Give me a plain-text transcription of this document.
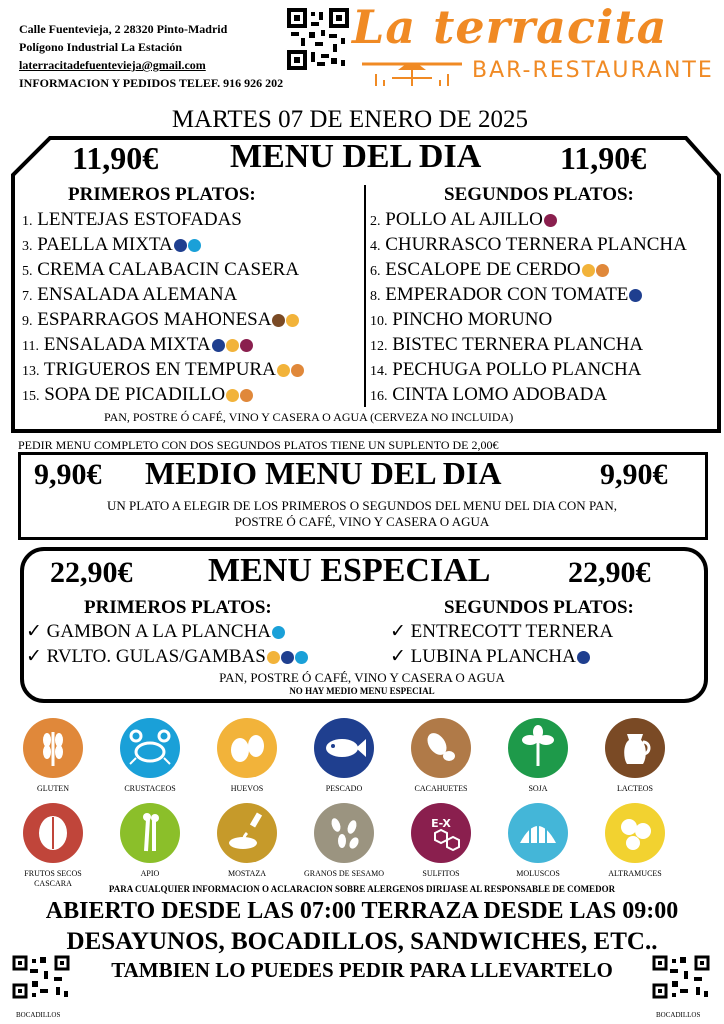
Calle Fuentevieja, 2 28320 Pinto-Madrid
Polígono Industrial La Estación
laterracitadefuentevieja@gmail.com
INFORMACION Y PEDIDOS TELEF. 916 926 202
La terracita
BAR-RESTAURANTE
MARTES 07 DE ENERO DE 2025
11,90€ MENU DEL DIA 11,90€
PRIMEROS PLATOS:	SEGUNDOS PLATOS:
1. LENTEJAS ESTOFADAS
3. PAELLA MIXTA
5. CREMA CALABACIN CASERA
7. ENSALADA ALEMANA
9. ESPARRAGOS MAHONESA
11. ENSALADA MIXTA
13. TRIGUEROS EN TEMPURA
15. SOPA DE PICADILLO
2. POLLO AL AJILLO
4. CHURRASCO TERNERA PLANCHA
6. ESCALOPE DE CERDO
8. EMPERADOR CON TOMATE
10. PINCHO MORUNO
12. BISTEC TERNERA PLANCHA
14. PECHUGA POLLO PLANCHA
16. CINTA LOMO ADOBADA
PAN, POSTRE Ó CAFÉ, VINO Y CASERA O AGUA (CERVEZA NO INCLUIDA)
PEDIR MENU COMPLETO CON DOS SEGUNDOS PLATOS TIENE UN SUPLENTO DE 2,00€
9,90€ MEDIO MENU DEL DIA	9,90€
UN PLATO A ELEGIR DE LOS PRIMEROS O SEGUNDOS DEL MENU DEL DIA CON PAN,
POSTRE Ó CAFÉ, VINO Y CASERA O AGUA
22,90€ MENU ESPECIAL	22,90€
PRIMEROS PLATOS:	SEGUNDOS PLATOS:
✓ GAMBON A LA PLANCHA
✓ RVLTO. GULAS/GAMBAS
✓ ENTRECOTT TERNERA
✓ LUBINA PLANCHA
PAN, POSTRE Ó CAFÉ, VINO Y CASERA O AGUA
NO HAY MEDIO MENU ESPECIAL
GLUTEN	CRUSTACEOS	HUEVOS	PESCADO	CACAHUETES	SOJA	LACTEOS
FRUTOS SECOS CASCARA
APIO	MOSTAZA	GRANOS DE SESAMO
E-X
SULFITOS	MOLUSCOS	ALTRAMUCES
PARA CUALQUIER INFORMACION O ACLARACION SOBRE ALERGENOS DIRIJASE AL RESPONSABLE DE COMEDOR
ABIERTO DESDE LAS 07:00 TERRAZA DESDE LAS 09:00
DESAYUNOS, BOCADILLOS, SANDWICHES, ETC..
TAMBIEN LO PUEDES PEDIR PARA LLEVARTELO
BOCADILLOS	BOCADILLOS
